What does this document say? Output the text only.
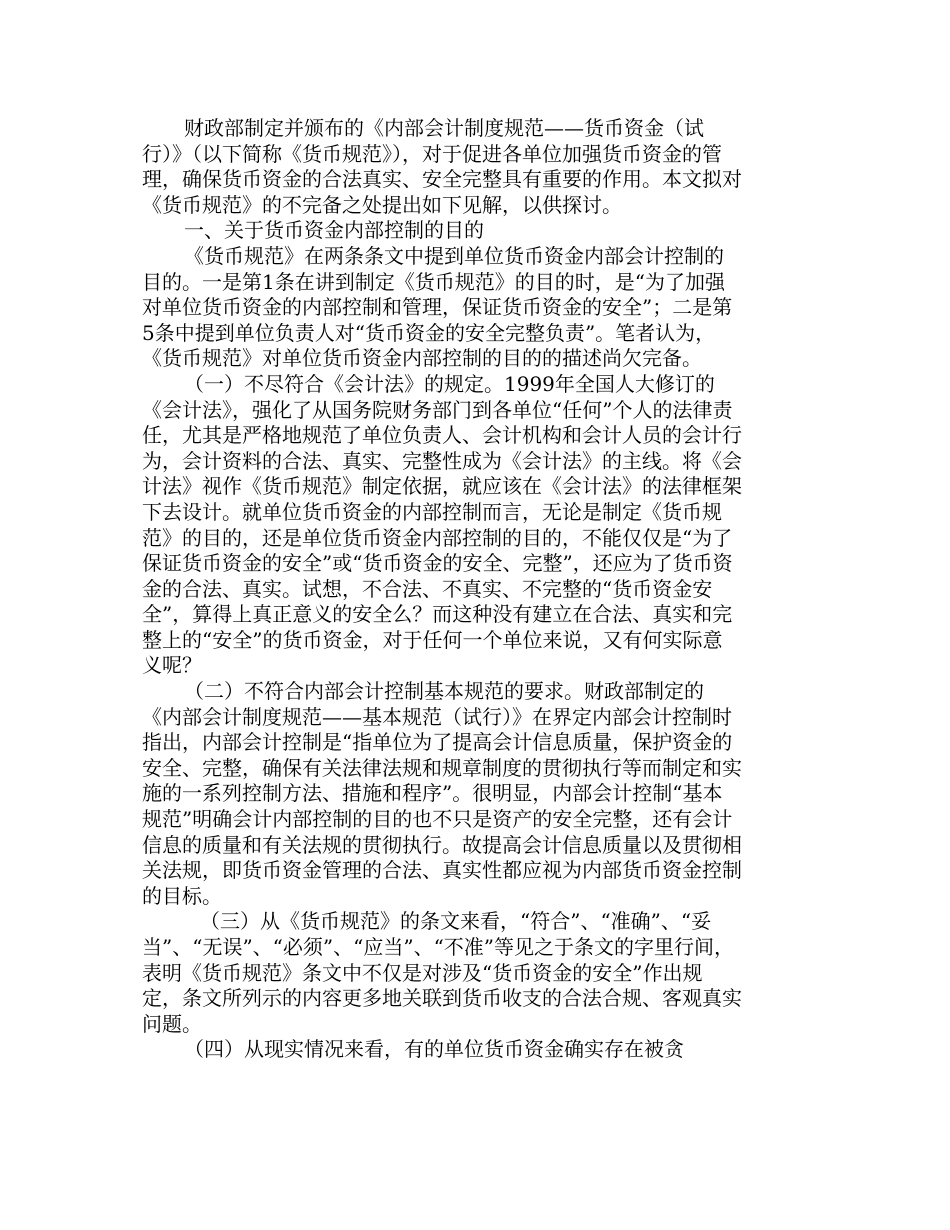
财政部制定并颁布的《内部会计制度规范——货币资金（试行）》（以下简称《货币规范》），对于促进各单位加强货币资金的管理，确保货币资金的合法真实、安全完整具有重要的作用。本文拟对《货币规范》的不完备之处提出如下见解，以供探讨。

一、关于货币资金内部控制的目的

《货币规范》在两条条文中提到单位货币资金内部会计控制的目的。一是第1条在讲到制定《货币规范》的目的时，是“为了加强对单位货币资金的内部控制和管理，保证货币资金的安全”；二是第5条中提到单位负责人对“货币资金的安全完整负责”。笔者认为，《货币规范》对单位货币资金内部控制的目的的描述尚欠完备。

（一）不尽符合《会计法》的规定。1999年全国人大修订的《会计法》，强化了从国务院财务部门到各单位“任何”个人的法律责任，尤其是严格地规范了单位负责人、会计机构和会计人员的会计行为，会计资料的合法、真实、完整性成为《会计法》的主线。将《会计法》视作《货币规范》制定依据，就应该在《会计法》的法律框架下去设计。就单位货币资金的内部控制而言，无论是制定《货币规范》的目的，还是单位货币资金内部控制的目的，不能仅仅是“为了保证货币资金的安全”或“货币资金的安全、完整”，还应为了货币资金的合法、真实。试想，不合法、不真实、不完整的“货币资金安全”，算得上真正意义的安全么？而这种没有建立在合法、真实和完整上的“安全”的货币资金，对于任何一个单位来说，又有何实际意义呢？

（二）不符合内部会计控制基本规范的要求。财政部制定的《内部会计制度规范——基本规范（试行）》在界定内部会计控制时指出，内部会计控制是“指单位为了提高会计信息质量，保护资金的安全、完整，确保有关法律法规和规章制度的贯彻执行等而制定和实施的一系列控制方法、措施和程序”。很明显，内部会计控制“基本规范”明确会计内部控制的目的也不只是资产的安全完整，还有会计信息的质量和有关法规的贯彻执行。故提高会计信息质量以及贯彻相关法规，即货币资金管理的合法、真实性都应视为内部货币资金控制的目标。

（三）从《货币规范》的条文来看，“符合”、“准确”、“妥当”、“无误”、“必须”、“应当”、“不准”等见之于条文的字里行间，表明《货币规范》条文中不仅是对涉及“货币资金的安全”作出规定，条文所列示的内容更多地关联到货币收支的合法合规、客观真实问题。

（四）从现实情况来看，有的单位货币资金确实存在被贪
